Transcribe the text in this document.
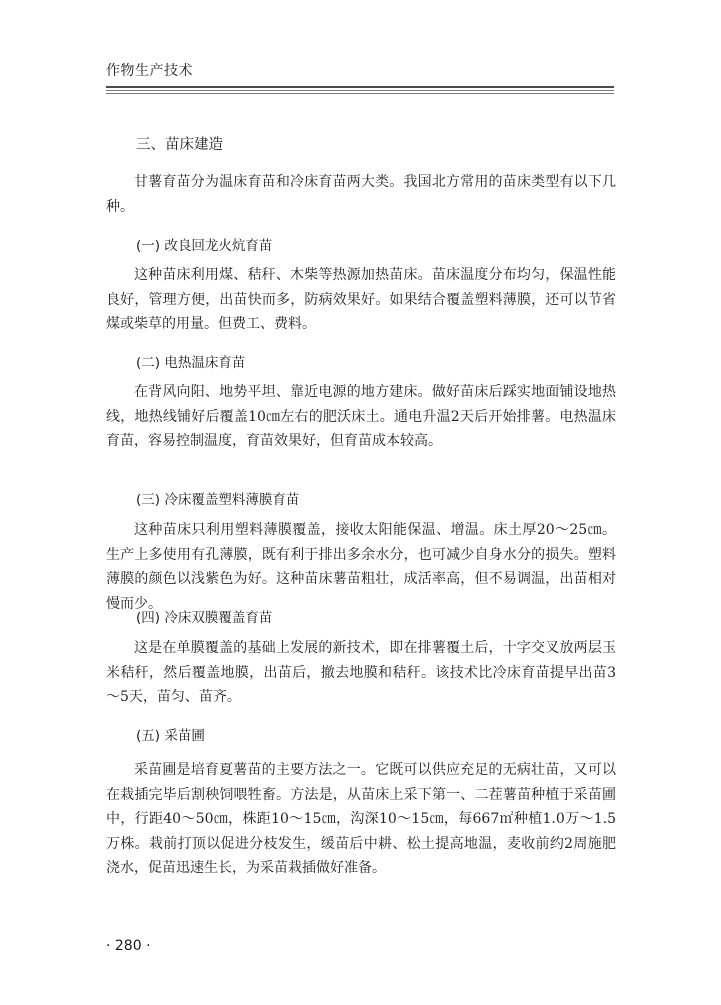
作物生产技术
三、苗床建造

甘薯育苗分为温床育苗和冷床育苗两大类。我国北方常用的苗床类型有以下几种。

(一) 改良回龙火炕育苗

这种苗床利用煤、秸秆、木柴等热源加热苗床。苗床温度分布均匀，保温性能良好，管理方便，出苗快而多，防病效果好。如果结合覆盖塑料薄膜，还可以节省煤或柴草的用量。但费工、费料。

(二) 电热温床育苗

在背风向阳、地势平坦、靠近电源的地方建床。做好苗床后踩实地面铺设地热线，地热线铺好后覆盖10㎝左右的肥沃床土。通电升温2天后开始排薯。电热温床育苗，容易控制温度，育苗效果好，但育苗成本较高。

(三) 冷床覆盖塑料薄膜育苗

这种苗床只利用塑料薄膜覆盖，接收太阳能保温、增温。床土厚20～25㎝。生产上多使用有孔薄膜，既有利于排出多余水分，也可减少自身水分的损失。塑料薄膜的颜色以浅紫色为好。这种苗床薯苗粗壮，成活率高，但不易调温，出苗相对慢而少。

(四) 冷床双膜覆盖育苗

这是在单膜覆盖的基础上发展的新技术，即在排薯覆土后，十字交叉放两层玉米秸秆，然后覆盖地膜，出苗后，撤去地膜和秸秆。该技术比冷床育苗提早出苗3～5天，苗匀、苗齐。

(五) 采苗圃

采苗圃是培育夏薯苗的主要方法之一。它既可以供应充足的无病壮苗，又可以在栽插完毕后割秧饲喂牲畜。方法是，从苗床上采下第一、二茬薯苗种植于采苗圃中，行距40～50㎝，株距10～15㎝，沟深10～15㎝，每667㎡种植1.0万～1.5万株。栽前打顶以促进分枝发生，缓苗后中耕、松土提高地温，麦收前约2周施肥浇水，促苗迅速生长，为采苗栽插做好准备。

· 280 ·
